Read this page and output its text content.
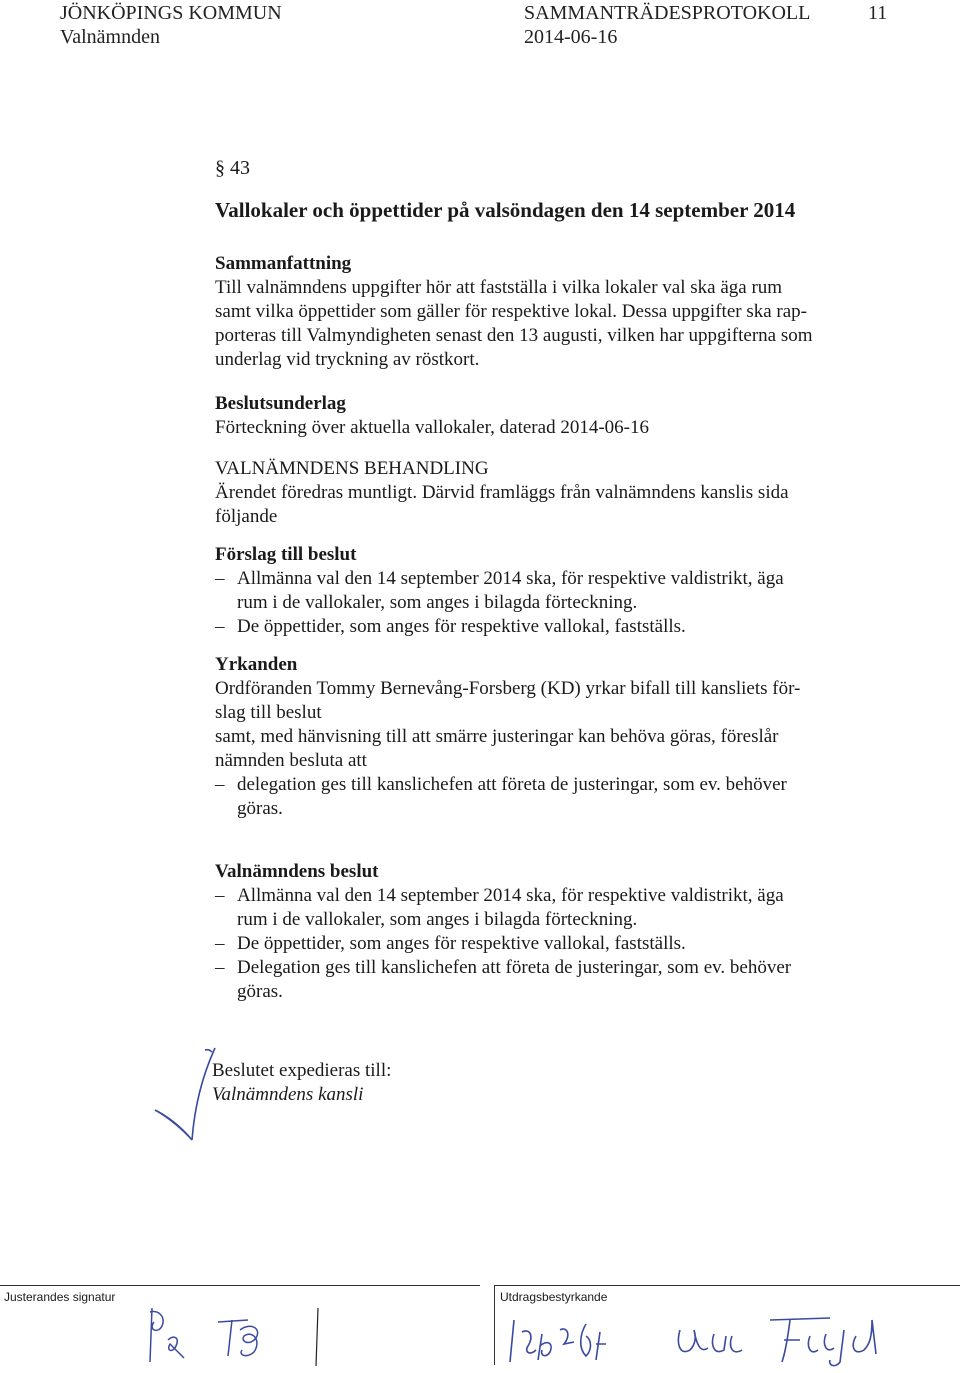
JÖNKÖPINGS KOMMUN
Valnämnden
SAMMANTRÄDESPROTOKOLL
2014-06-16
11
§ 43
Vallokaler och öppettider på valsöndagen den 14 september 2014
Sammanfattning
Till valnämndens uppgifter hör att fastställa i vilka lokaler val ska äga rum
samt vilka öppettider som gäller för respektive lokal. Dessa uppgifter ska rap-
porteras till Valmyndigheten senast den 13 augusti, vilken har uppgifterna som
underlag vid tryckning av röstkort.
Beslutsunderlag
Förteckning över aktuella vallokaler, daterad 2014-06-16
VALNÄMNDENS BEHANDLING
Ärendet föredras muntligt. Därvid framläggs från valnämndens kanslis sida
följande
Förslag till beslut
– Allmänna val den 14 september 2014 ska, för respektive valdistrikt, äga
rum i de vallokaler, som anges i bilagda förteckning.
– De öppettider, som anges för respektive vallokal, fastställs.
Yrkanden
Ordföranden Tommy Bernevång-Forsberg (KD) yrkar bifall till kansliets för-
slag till beslut
samt, med hänvisning till att smärre justeringar kan behöva göras, föreslår
nämnden besluta att
– delegation ges till kanslichefen att företa de justeringar, som ev. behöver
göras.
Valnämndens beslut
– Allmänna val den 14 september 2014 ska, för respektive valdistrikt, äga
rum i de vallokaler, som anges i bilagda förteckning.
– De öppettider, som anges för respektive vallokal, fastställs.
– Delegation ges till kanslichefen att företa de justeringar, som ev. behöver
göras.
Beslutet expedieras till:
Valnämndens kansli
Justerandes signatur	Utdragsbestyrkande
